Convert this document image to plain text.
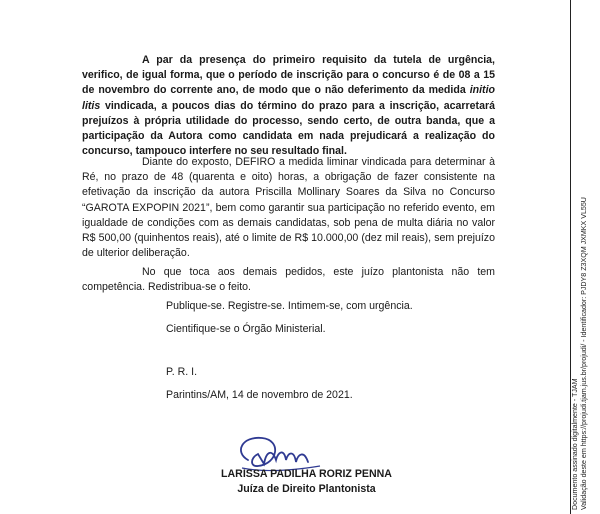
A par da presença do primeiro requisito da tutela de urgência, verifico, de igual forma, que o período de inscrição para o concurso é de 08 a 15 de novembro do corrente ano, de modo que o não deferimento da medida initio litis vindicada, a poucos dias do término do prazo para a inscrição, acarretará prejuízos à própria utilidade do processo, sendo certo, de outra banda, que a participação da Autora como candidata em nada prejudicará a realização do concurso, tampouco interfere no seu resultado final.

Diante do exposto, DEFIRO a medida liminar vindicada para determinar à Ré, no prazo de 48 (quarenta e oito) horas, a obrigação de fazer consistente na efetivação da inscrição da autora Priscilla Mollinary Soares da Silva no Concurso “GAROTA EXPOPIN 2021”, bem como garantir sua participação no referido evento, em igualdade de condições com as demais candidatas, sob pena de multa diária no valor R$ 500,00 (quinhentos reais), até o limite de R$ 10.000,00 (dez mil reais), sem prejuízo de ulterior deliberação.

No que toca aos demais pedidos, este juízo plantonista não tem competência. Redistribua-se o feito.

Publique-se. Registre-se. Intimem-se, com urgência.

Cientifique-se o Órgão Ministerial.

P. R. I.

Parintins/AM, 14 de novembro de 2021.

LARISSA PADILHA RORIZ PENNA

Juíza de Direito Plantonista	Documento assinado digitalmente - TJAM Validação deste em https://projudi.tjam.jus.br/projudi/ - Identificador: PJDY8 Z3XQM JXMKX VL55U
